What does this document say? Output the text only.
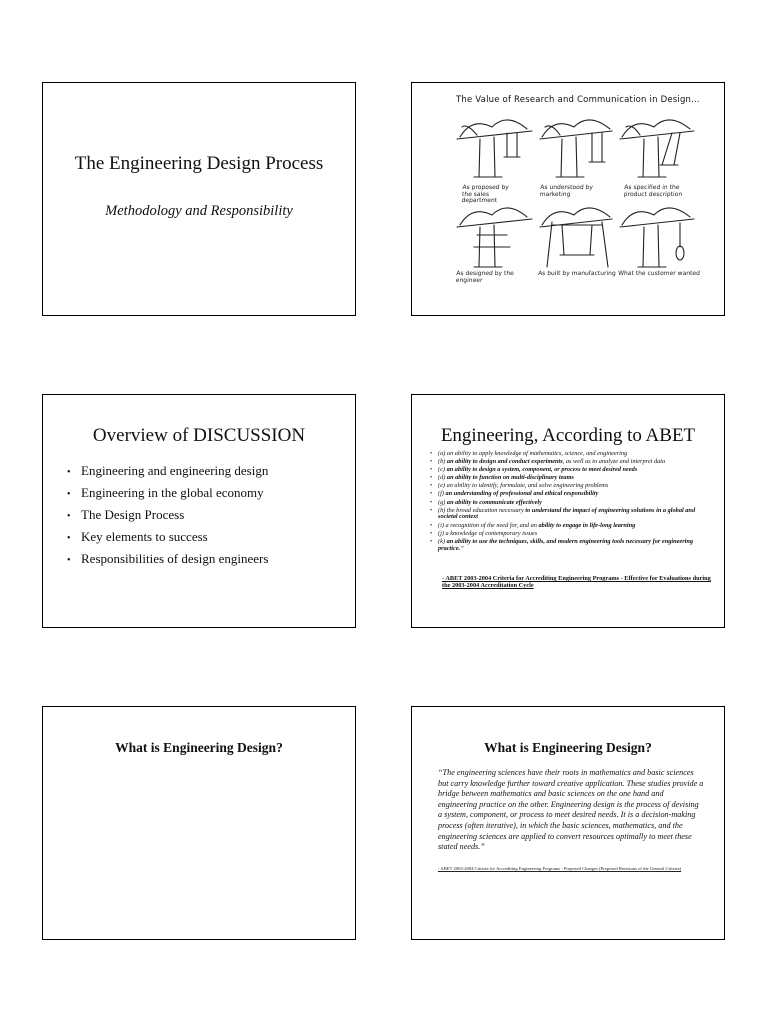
The Engineering Design Process
Methodology and Responsibility
The Value of Research and Communication in Design…
As proposed by the sales department
As understood by marketing
As specified in the product description
As designed by the engineer
As built by manufacturing What the customer wanted
Overview of DISCUSSION
• Engineering and engineering design
• Engineering in the global economy
• The Design Process
• Key elements to success
• Responsibilities of design engineers
Engineering, According to ABET
• (a) an ability to apply knowledge of mathematics, science, and engineering
• (b) an ability to design and conduct experiments, as well as to analyze and interpret data
• (c) an ability to design a system, component, or process to meet desired needs
• (d) an ability to function on multi-disciplinary teams
• (e) an ability to identify, formulate, and solve engineering problems
• (f) an understanding of professional and ethical responsibility
• (g) an ability to communicate effectively
• (h) the broad education necessary to understand the impact of engineering solutions in a global and societal context
• (i) a recognition of the need for, and an ability to engage in life-long learning
• (j) a knowledge of contemporary issues
• (k) an ability to use the techniques, skills, and modern engineering tools necessary for engineering practice.”
- ABET 2003-2004 Criteria for Accrediting Engineering Programs - Effective for Evaluations during the 2003-2004 Accreditation Cycle
What is Engineering Design?	What is Engineering Design?
“The engineering sciences have their roots in mathematics and basic sciences but carry knowledge further toward creative application. These studies provide a bridge between mathematics and basic sciences on the one hand and engineering practice on the other. Engineering design is the process of devising a system, component, or process to meet desired needs. It is a decision-making process (often iterative), in which the basic sciences, mathematics, and the engineering sciences are applied to convert resources optimally to meet these stated needs.”
- ABET 2003-2004 Criteria for Accrediting Engineering Programs - Proposed Changes (Proposed Revisions of the General Criteria)
